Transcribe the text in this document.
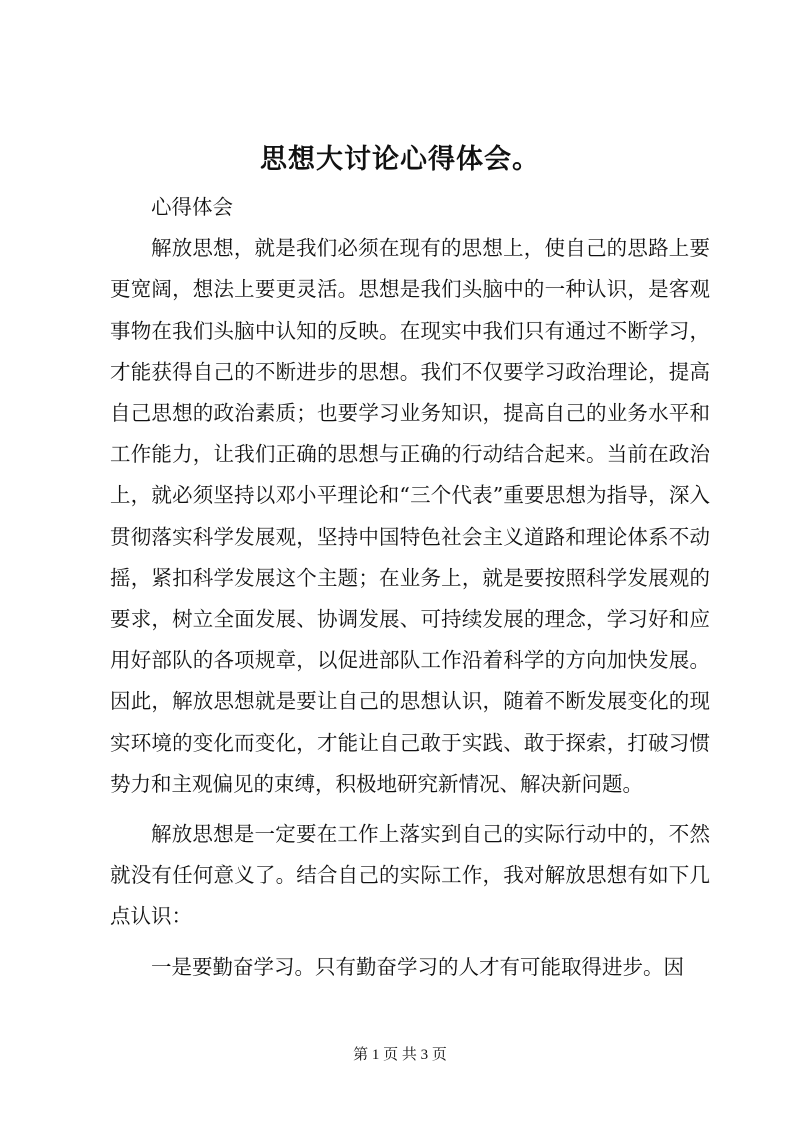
思想大讨论心得体会。

心得体会

解放思想，就是我们必须在现有的思想上，使自己的思路上要更宽阔，想法上要更灵活。思想是我们头脑中的一种认识，是客观事物在我们头脑中认知的反映。在现实中我们只有通过不断学习，才能获得自己的不断进步的思想。我们不仅要学习政治理论，提高自己思想的政治素质；也要学习业务知识，提高自己的业务水平和工作能力，让我们正确的思想与正确的行动结合起来。当前在政治上，就必须坚持以邓小平理论和“三个代表”重要思想为指导，深入贯彻落实科学发展观，坚持中国特色社会主义道路和理论体系不动摇，紧扣科学发展这个主题；在业务上，就是要按照科学发展观的要求，树立全面发展、协调发展、可持续发展的理念，学习好和应用好部队的各项规章，以促进部队工作沿着科学的方向加快发展。因此，解放思想就是要让自己的思想认识，随着不断发展变化的现实环境的变化而变化，才能让自己敢于实践、敢于探索，打破习惯势力和主观偏见的束缚，积极地研究新情况、解决新问题。

解放思想是一定要在工作上落实到自己的实际行动中的，不然就没有任何意义了。结合自己的实际工作，我对解放思想有如下几点认识：

一是要勤奋学习。只有勤奋学习的人才有可能取得进步。因

第 1 页 共 3 页
